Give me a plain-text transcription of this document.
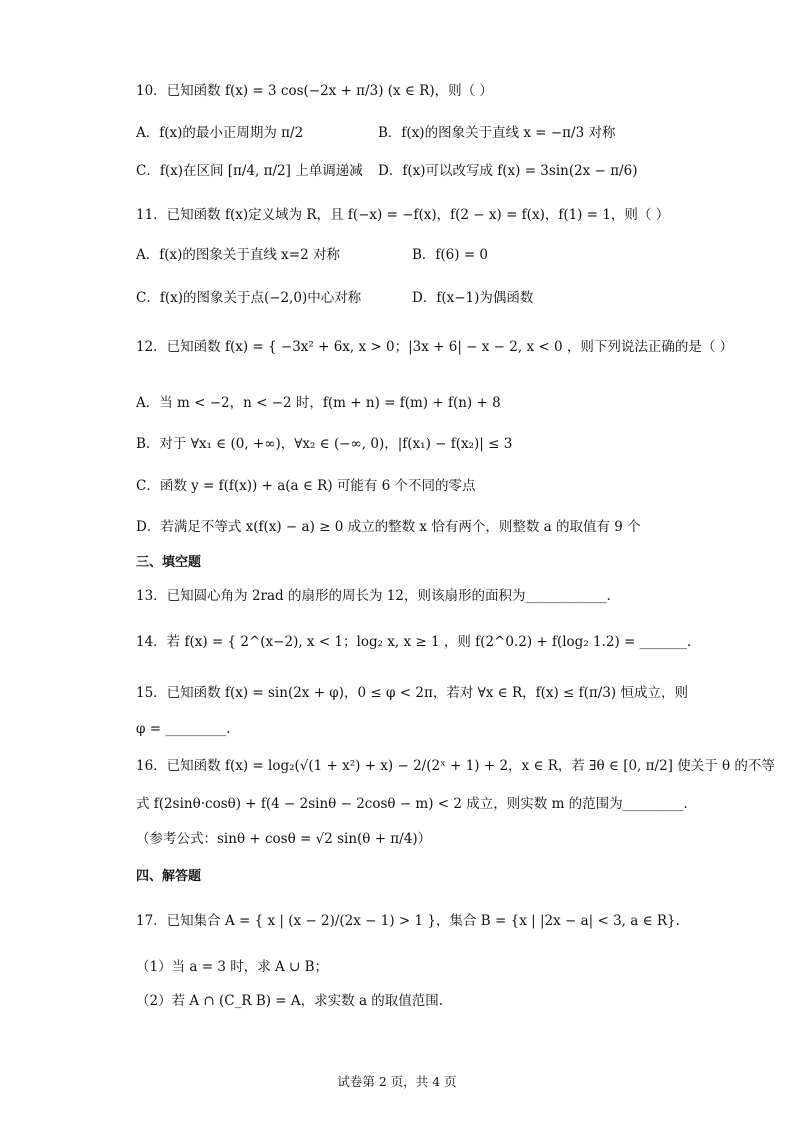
10．已知函数 f(x) = 3 cos(−2x + π/3) (x ∈ R)，则（ ）
A．f(x)的最小正周期为 π/2	B．f(x)的图象关于直线 x = −π/3 对称
C．f(x)在区间 [π/4, π/2] 上单调递减 D．f(x)可以改写成 f(x) = 3sin(2x − π/6)
11．已知函数 f(x)定义域为 R，且 f(−x) = −f(x)，f(2 − x) = f(x)，f(1) = 1，则（ ）
A．f(x)的图象关于直线 x=2 对称	B．f(6) = 0
C．f(x)的图象关于点(−2,0)中心对称	D．f(x−1)为偶函数
12．已知函数 f(x) = { −3x² + 6x, x > 0；|3x + 6| − x − 2, x < 0 ，则下列说法正确的是（ ）
A．当 m < −2，n < −2 时，f(m + n) = f(m) + f(n) + 8
B．对于 ∀x₁ ∈ (0, +∞)，∀x₂ ∈ (−∞, 0)，|f(x₁) − f(x₂)| ≤ 3
C．函数 y = f(f(x)) + a(a ∈ R) 可能有 6 个不同的零点
D．若满足不等式 x(f(x) − a) ≥ 0 成立的整数 x 恰有两个，则整数 a 的取值有 9 个
三、填空题
13．已知圆心角为 2rad 的扇形的周长为 12，则该扇形的面积为____________.
14．若 f(x) = { 2^(x−2), x < 1；log₂ x, x ≥ 1 ，则 f(2^0.2) + f(log₂ 1.2) = _______.
15．已知函数 f(x) = sin(2x + φ)，0 ≤ φ < 2π，若对 ∀x ∈ R，f(x) ≤ f(π/3) 恒成立，则
φ = _________.
16．已知函数 f(x) = log₂(√(1 + x²) + x) − 2/(2ˣ + 1) + 2，x ∈ R，若 ∃θ ∈ [0, π/2] 使关于 θ 的不等
式 f(2sinθ·cosθ) + f(4 − 2sinθ − 2cosθ − m) < 2 成立，则实数 m 的范围为_________.
（参考公式：sinθ + cosθ = √2 sin(θ + π/4)）
四、解答题
17．已知集合 A = { x | (x − 2)/(2x − 1) > 1 }，集合 B = {x | |2x − a| < 3, a ∈ R}.
（1）当 a = 3 时，求 A ∪ B；
（2）若 A ∩ (C_R B) = A，求实数 a 的取值范围.
试卷第 2 页，共 4 页
